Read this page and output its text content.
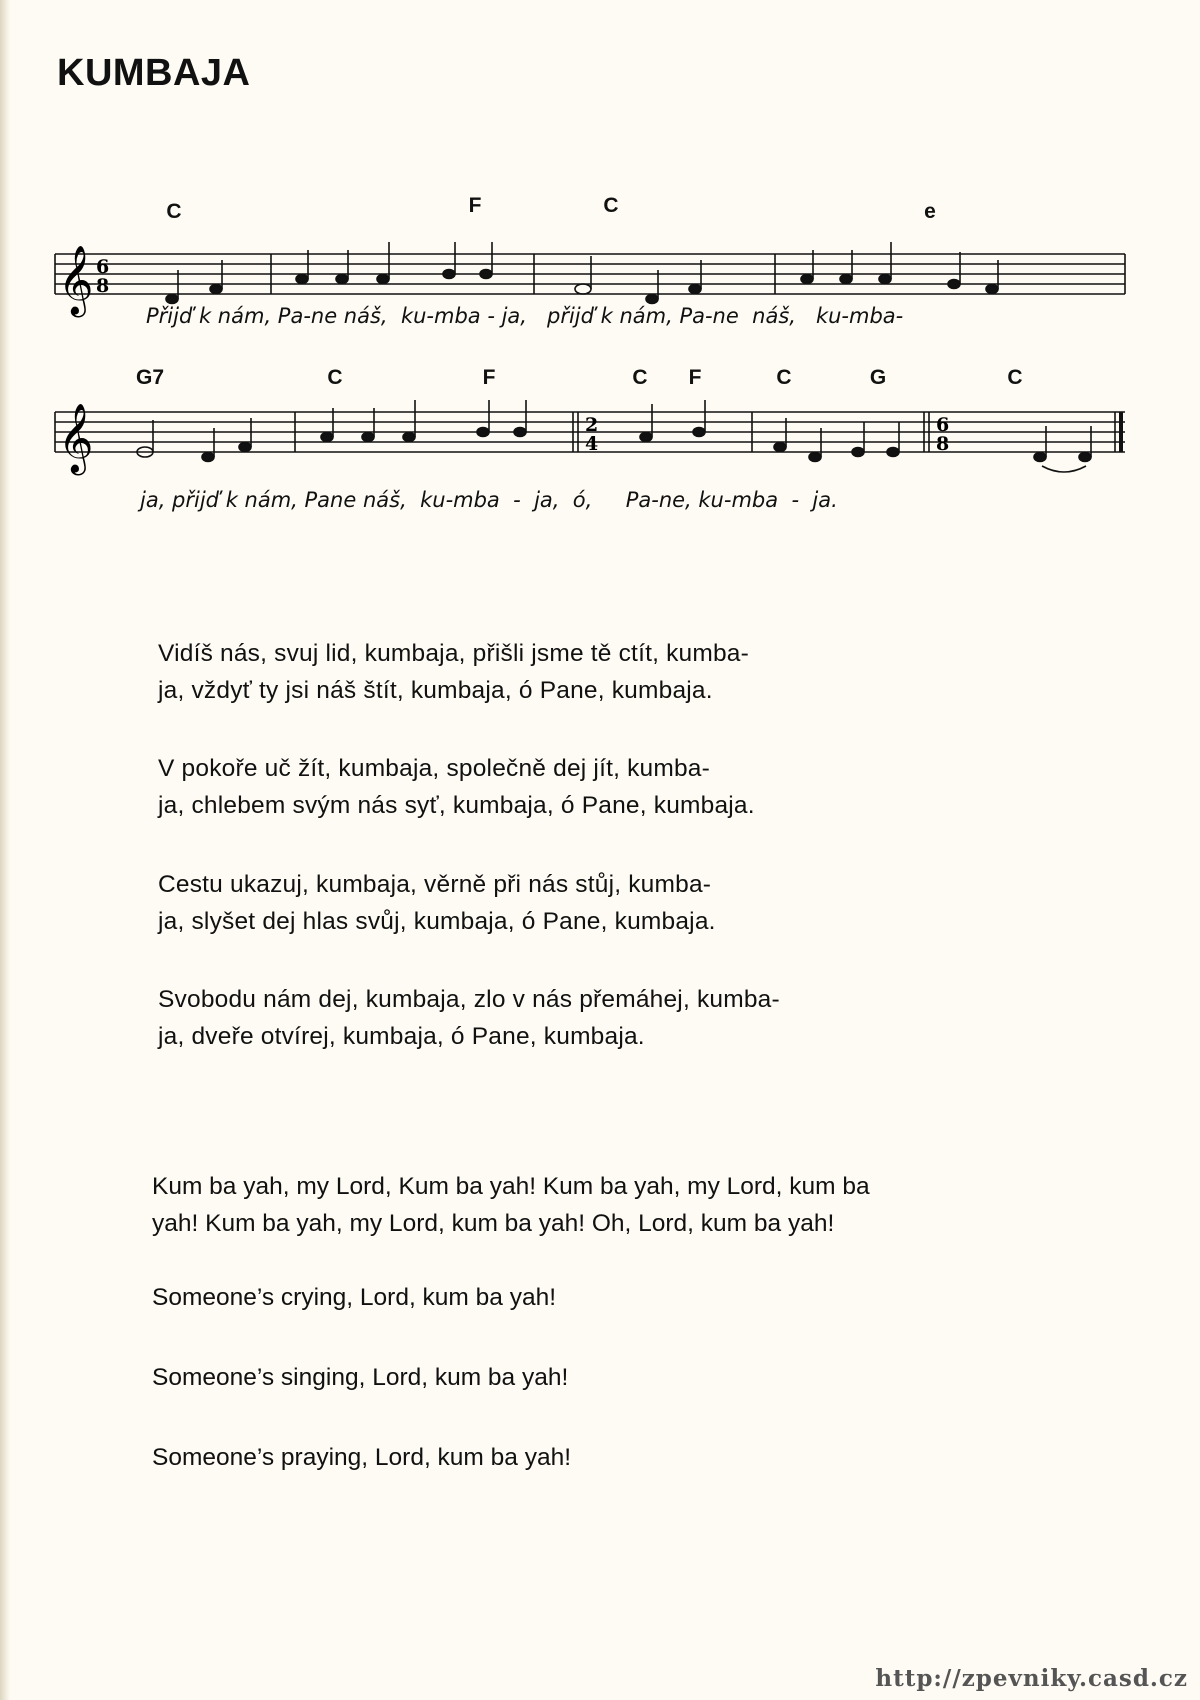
KUMBAJA
C	F	C	e
𝄞 6
8
Přijď k nám, Pa-ne náš,  ku-mba - ja,   přijď k nám, Pa-ne  náš,   ku-mba-
G7	C	F	C F	C	G	C
𝄞	2
4
6
8
ja, přijď k nám, Pane náš,  ku-mba  -  ja,  ó,     Pa-ne, ku-mba  -  ja.
Vidíš nás, svuj lid, kumbaja, přišli jsme tě ctít, kumba-
ja, vždyť ty jsi náš štít, kumbaja, ó Pane, kumbaja.
V pokoře uč žít, kumbaja, společně dej jít, kumba-
ja, chlebem svým nás syť, kumbaja, ó Pane, kumbaja.
Cestu ukazuj, kumbaja, věrně při nás stůj, kumba-
ja, slyšet dej hlas svůj, kumbaja, ó Pane, kumbaja.
Svobodu nám dej, kumbaja, zlo v nás přemáhej, kumba-
ja, dveře otvírej, kumbaja, ó Pane, kumbaja.
Kum ba yah, my Lord, Kum ba yah! Kum ba yah, my Lord, kum ba
yah! Kum ba yah, my Lord, kum ba yah! Oh, Lord, kum ba yah!
Someone’s crying, Lord, kum ba yah!
Someone’s singing, Lord, kum ba yah!
Someone’s praying, Lord, kum ba yah!
http://zpevniky.casd.cz
